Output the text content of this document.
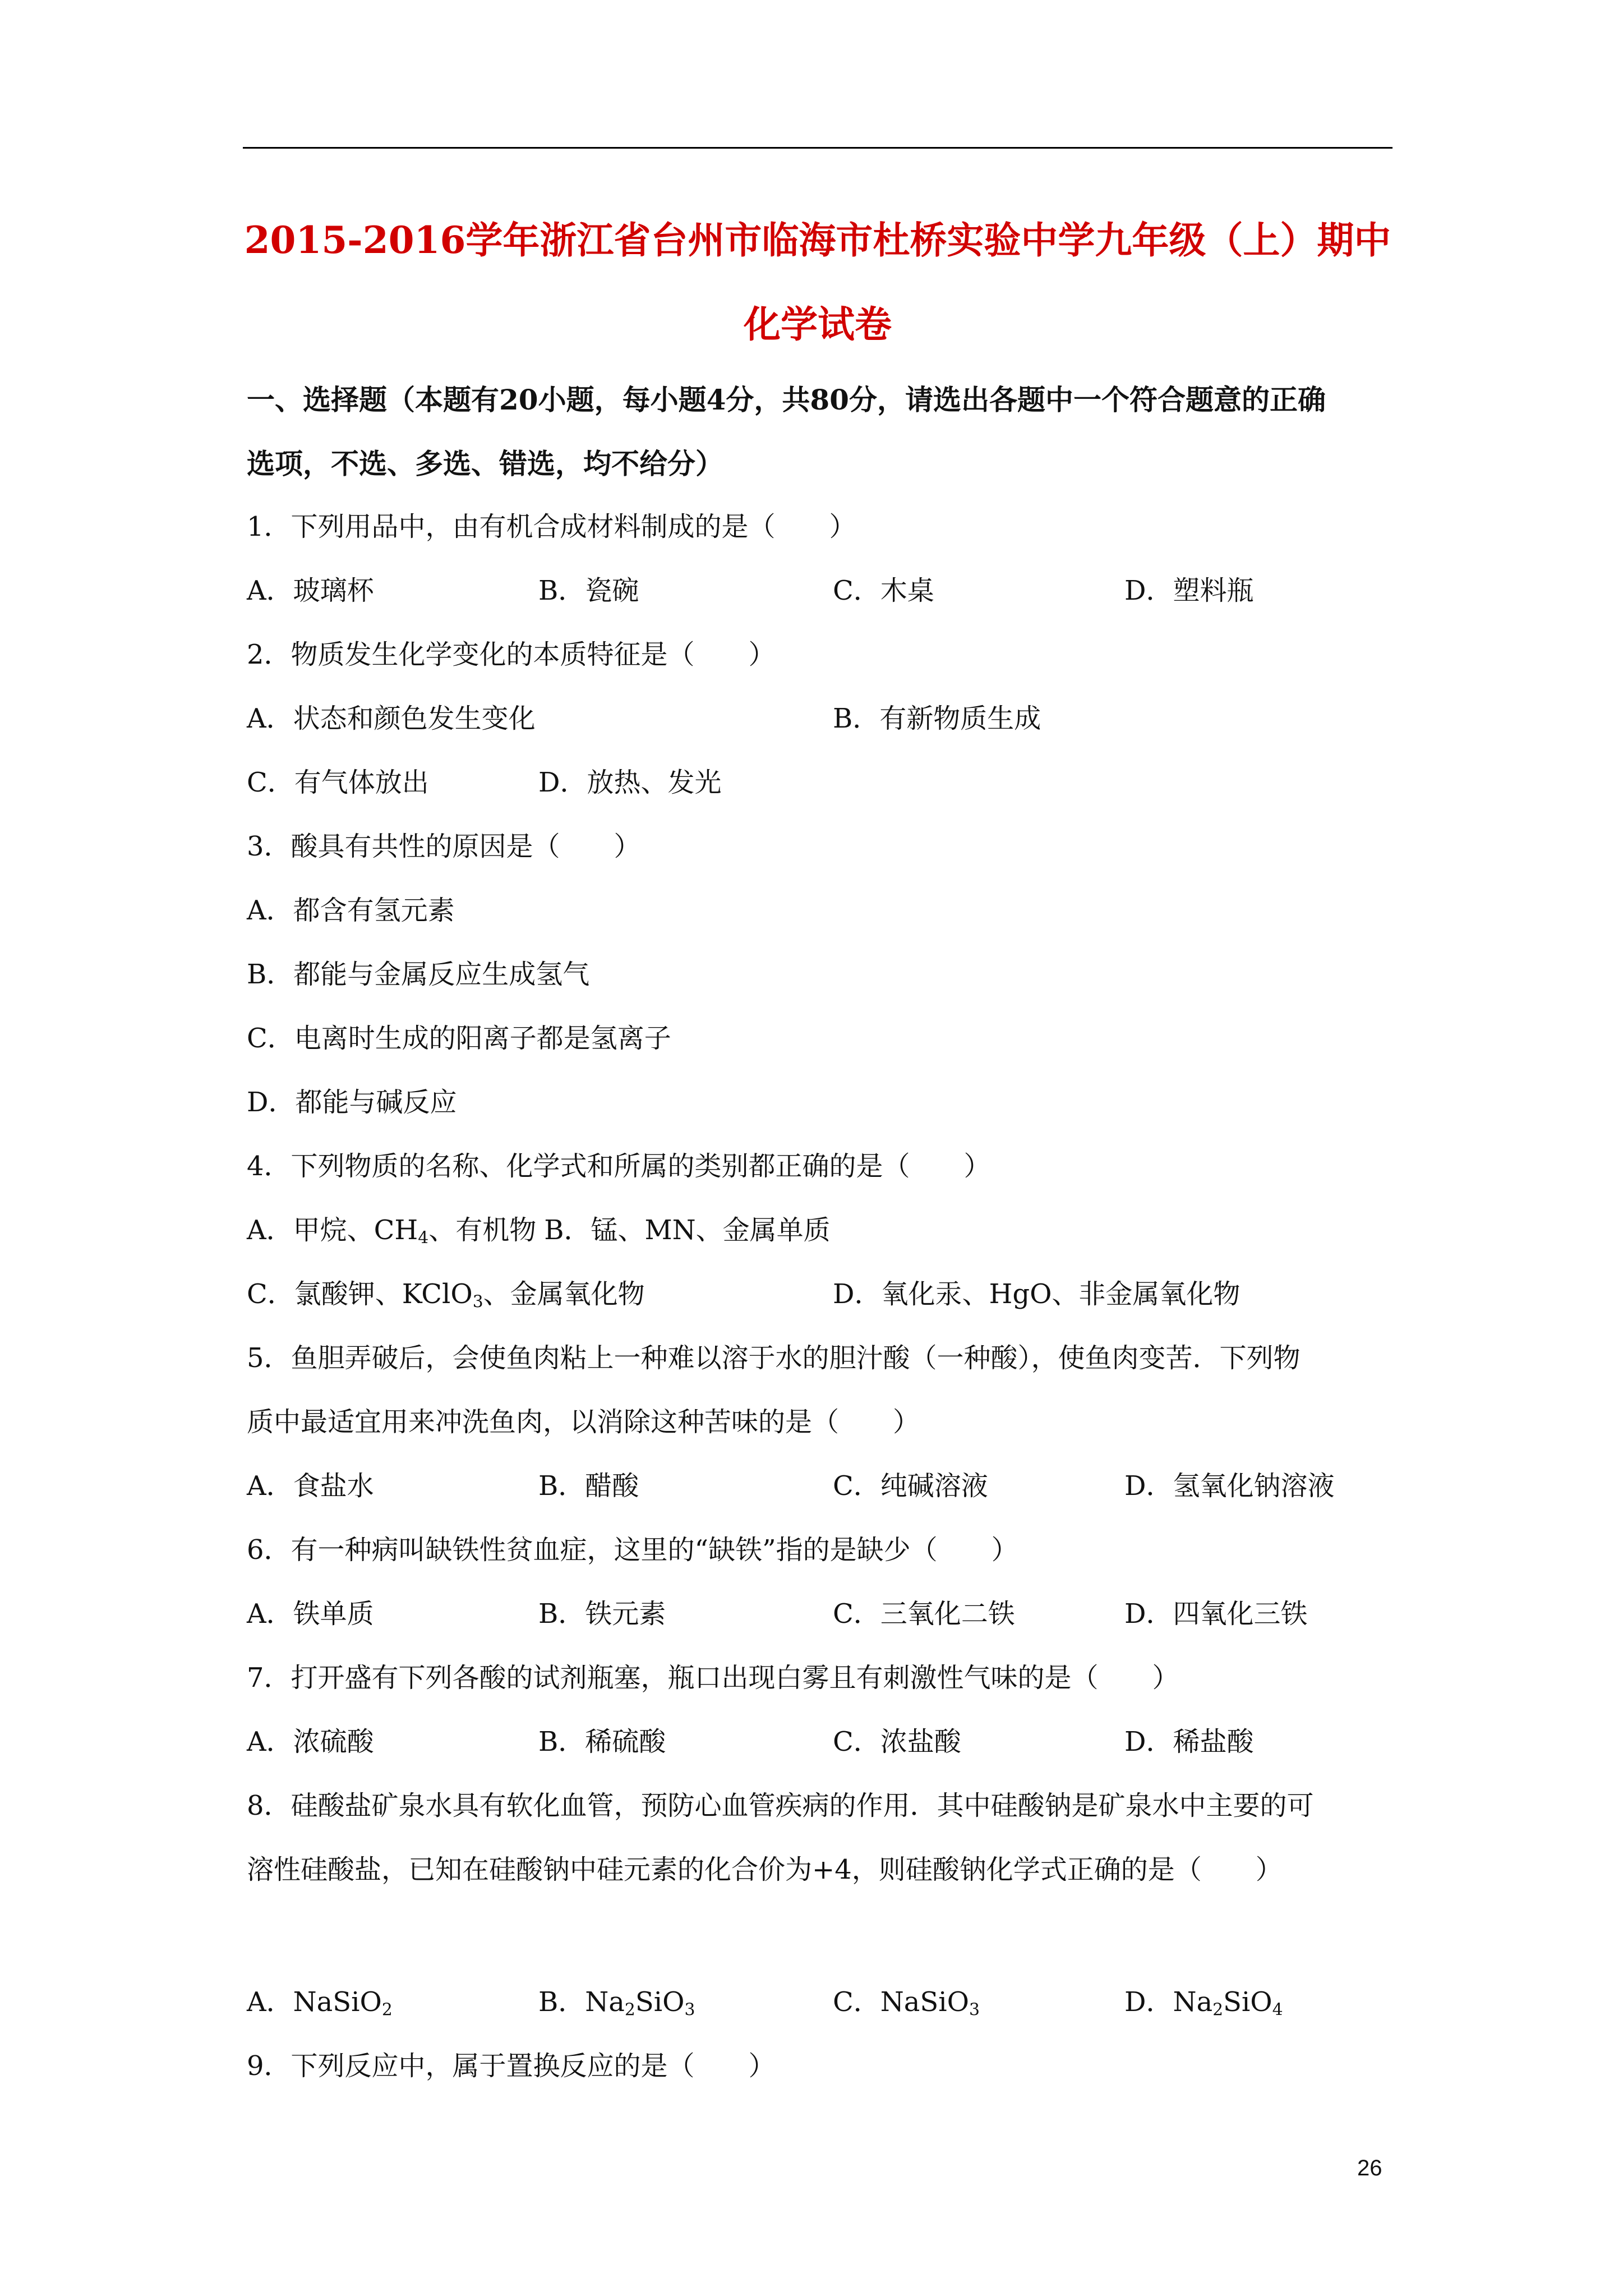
2015-2016学年浙江省台州市临海市杜桥实验中学九年级（上）期中
化学试卷
一、选择题（本题有20小题，每小题4分，共80分，请选出各题中一个符合题意的正确
选项，不选、多选、错选，均不给分）
1．下列用品中，由有机合成材料制成的是（　　）
A．玻璃杯	B．瓷碗	C．木桌	D．塑料瓶
2．物质发生化学变化的本质特征是（　　）
A．状态和颜色发生变化	B．有新物质生成
C．有气体放出	D．放热、发光
3．酸具有共性的原因是（　　）
A．都含有氢元素
B．都能与金属反应生成氢气
C．电离时生成的阳离子都是氢离子
D．都能与碱反应
4．下列物质的名称、化学式和所属的类别都正确的是（　　）
A．甲烷、$CH_4$、有机物 B．锰、MN、金属单质
C．氯酸钾、KClO$_3$、金属氧化物	D．氧化汞、HgO、非金属氧化物
5．鱼胆弄破后，会使鱼肉粘上一种难以溶于水的胆汁酸（一种酸），使鱼肉变苦．下列物
质中最适宜用来冲洗鱼肉，以消除这种苦味的是（　　）
A．食盐水	B．醋酸	C．纯碱溶液	D．氢氧化钠溶液
6．有一种病叫缺铁性贫血症，这里的“缺铁”指的是缺少（　　）
A．铁单质	B．铁元素	C．三氧化二铁	D．四氧化三铁
7．打开盛有下列各酸的试剂瓶塞，瓶口出现白雾且有刺激性气味的是（　　）
A．浓硫酸	B．稀硫酸	C．浓盐酸	D．稀盐酸
8．硅酸盐矿泉水具有软化血管，预防心血管疾病的作用．其中硅酸钠是矿泉水中主要的可
溶性硅酸盐，已知在硅酸钠中硅元素的化合价为+4，则硅酸钠化学式正确的是（　　）
A．NaSiO$_2$	B．$Na_2SiO_3$	C．NaSiO$_3$	D．$Na_2SiO_4$
9．下列反应中，属于置换反应的是（　　）
26
